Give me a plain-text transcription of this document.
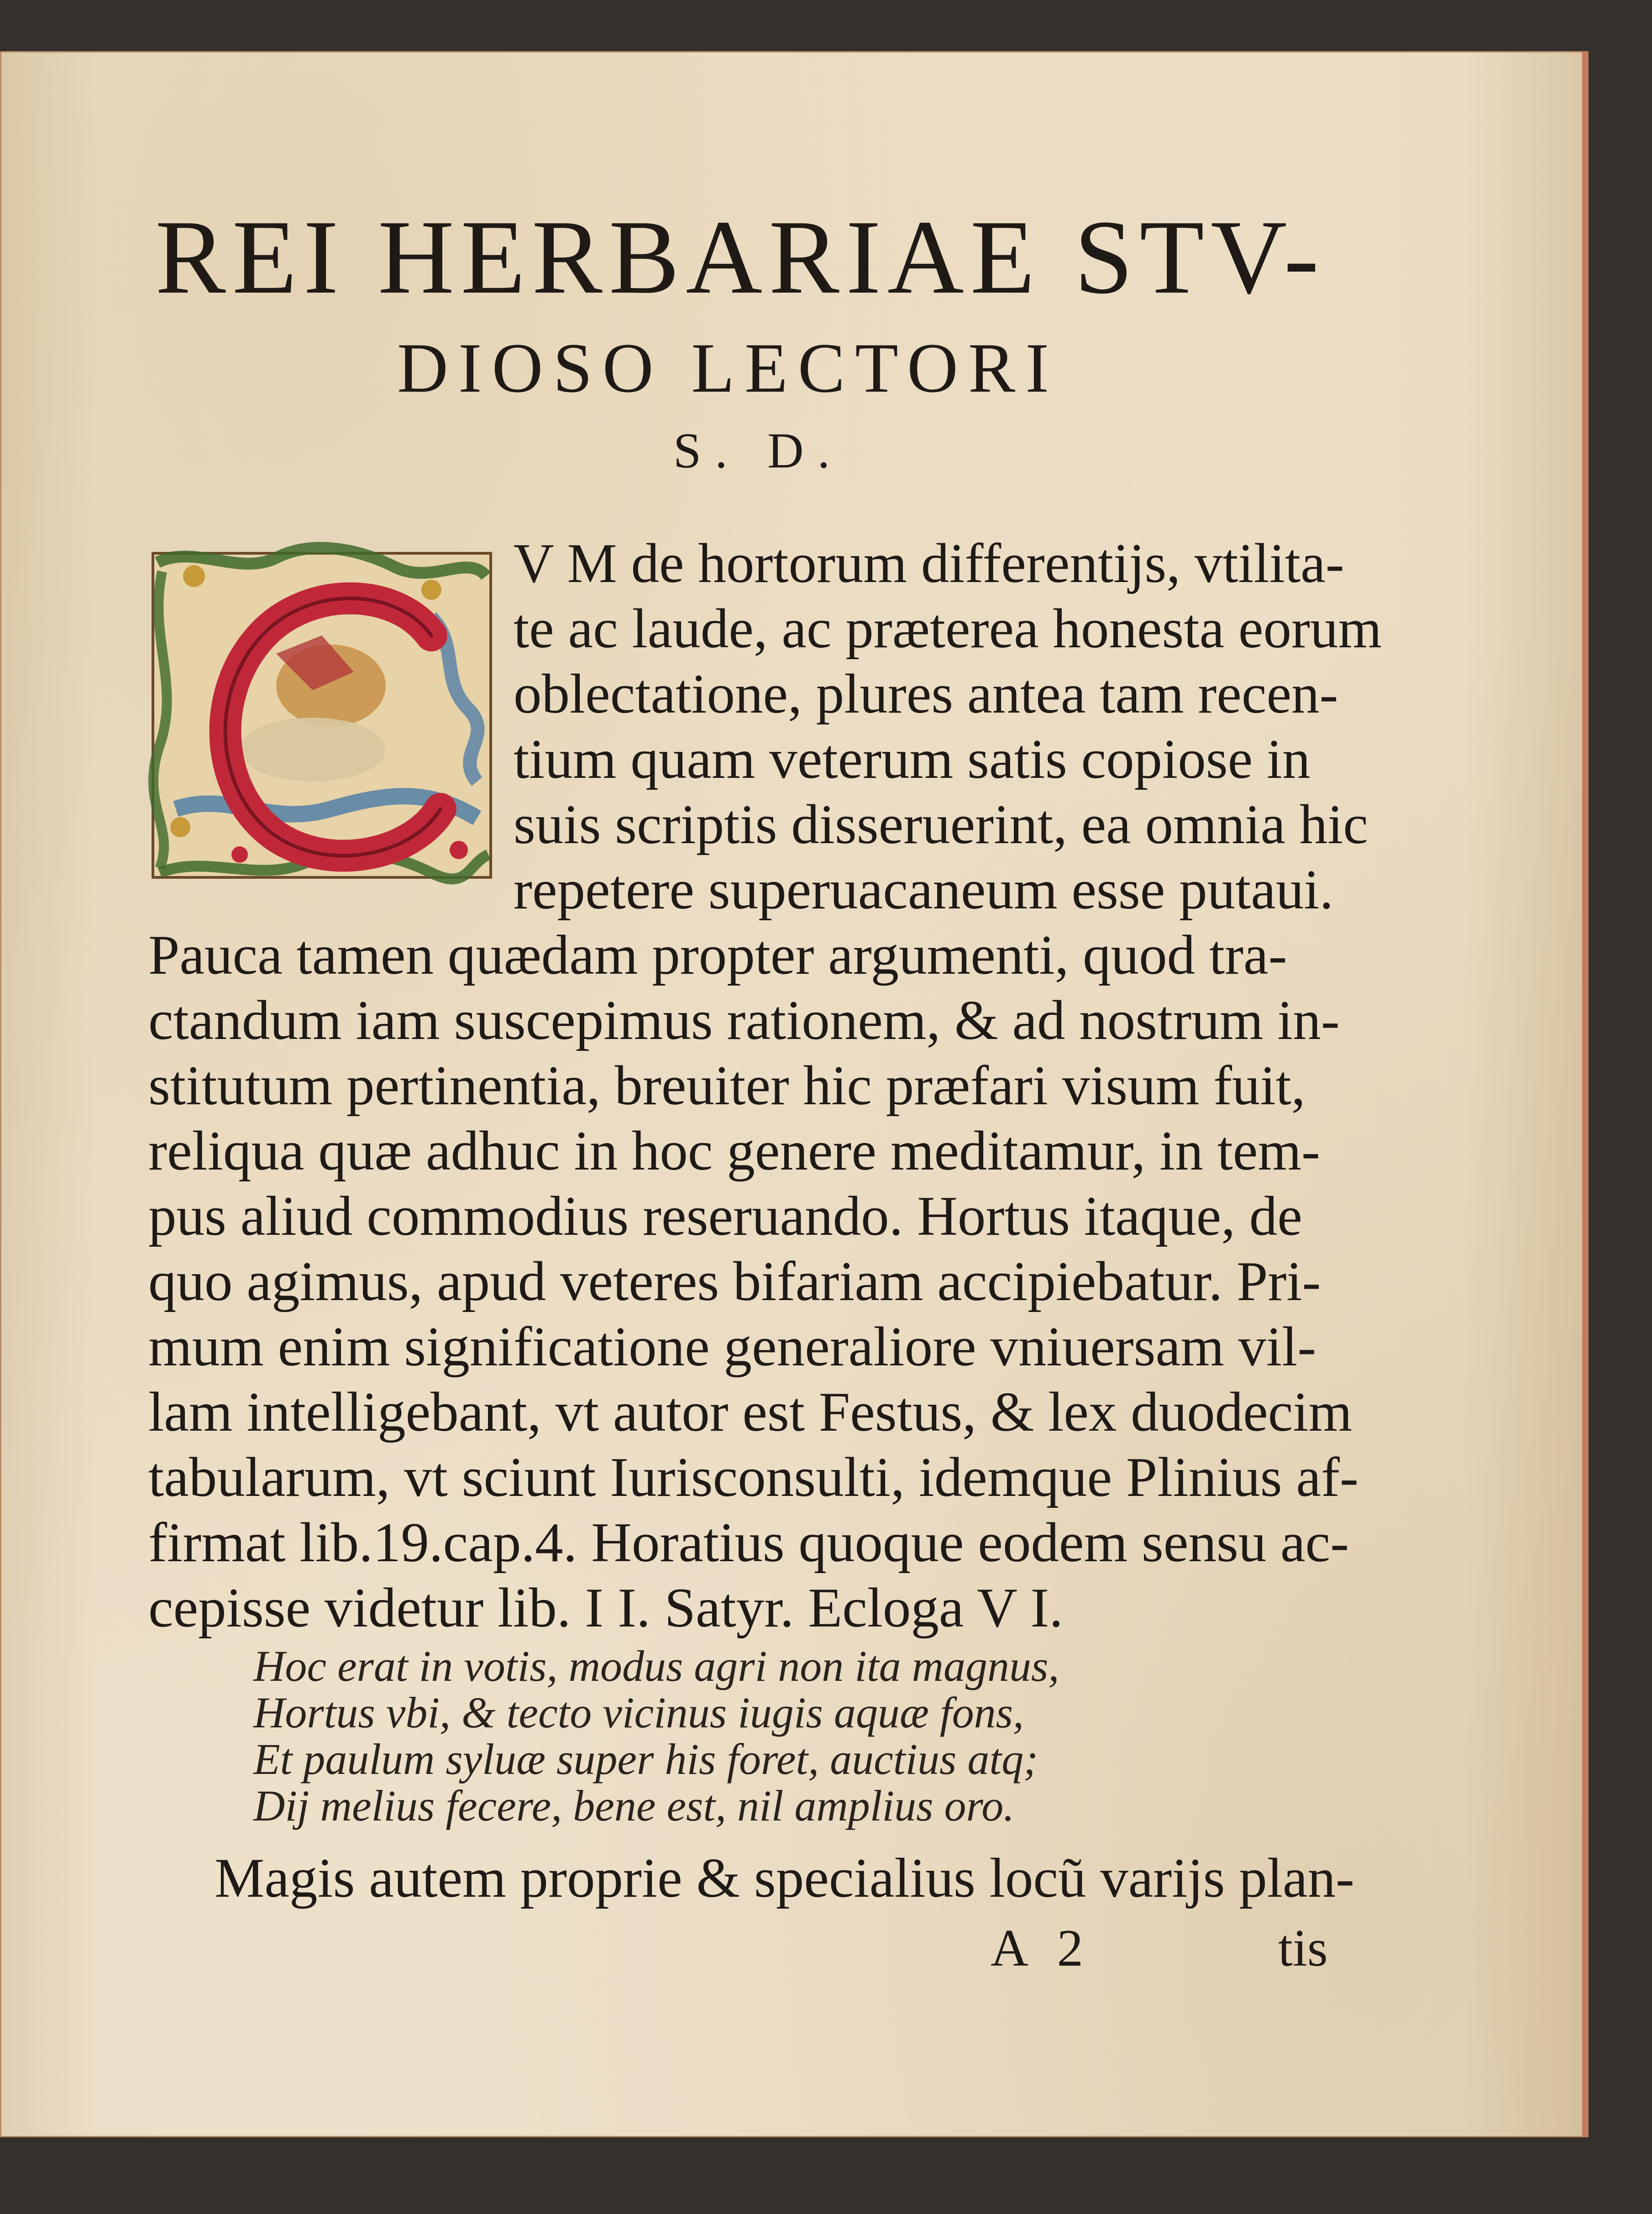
REI HERBARIAE STV-
DIOSO LECTORI
S. D.
C	V M de hortorum differentijs, vtilita-
te ac laude, ac præterea honesta eorum
oblectatione, plures antea tam recen-
tium quam veterum satis copiose in
suis scriptis disseruerint, ea omnia hic
repetere superuacaneum esse putaui.
Pauca tamen quædam propter argumenti, quod tra-
ctandum iam suscepimus rationem, & ad nostrum in-
stitutum pertinentia, breuiter hic præfari visum fuit,
reliqua quæ adhuc in hoc genere meditamur, in tem-
pus aliud commodius reseruando. Hortus itaque, de
quo agimus, apud veteres bifariam accipiebatur. Pri-
mum enim significatione generaliore vniuersam vil-
lam intelligebant, vt autor est Festus, & lex duodecim
tabularum, vt sciunt Iurisconsulti, idemque Plinius af-
firmat lib.19.cap.4. Horatius quoque eodem sensu ac-
cepisse videtur lib. I I. Satyr. Ecloga V I.
Hoc erat in votis, modus agri non ita magnus,
Hortus vbi, & tecto vicinus iugis aquæ fons,
Et paulum syluæ super his foret, auctius atq;
Dij melius fecere, bene est, nil amplius oro.
Magis autem proprie & specialius locũ varijs plan-
A 2	tis
